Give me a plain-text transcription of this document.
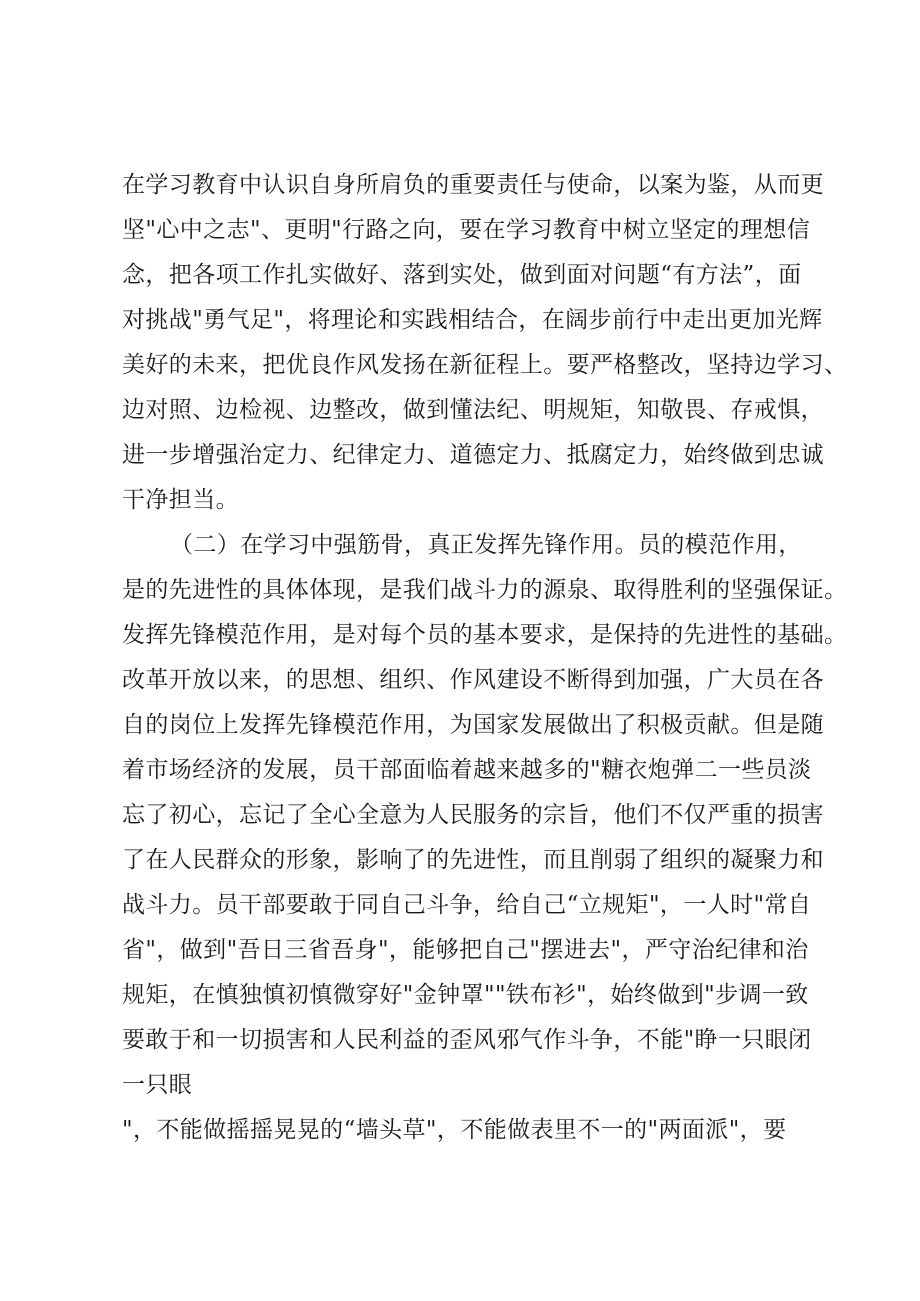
在学习教育中认识自身所肩负的重要责任与使命，以案为鉴，从而更
坚"心中之志"、更明"行路之向，要在学习教育中树立坚定的理想信
念，把各项工作扎实做好、落到实处，做到面对问题“有方法”，面
对挑战"勇气足"，将理论和实践相结合，在阔步前行中走出更加光辉
美好的未来，把优良作风发扬在新征程上。要严格整改，坚持边学习、
边对照、边检视、边整改，做到懂法纪、明规矩，知敬畏、存戒惧，
进一步增强治定力、纪律定力、道德定力、抵腐定力，始终做到忠诚
干净担当。
（二）在学习中强筋骨，真正发挥先锋作用。员的模范作用，
是的先进性的具体体现，是我们战斗力的源泉、取得胜利的坚强保证。
发挥先锋模范作用，是对每个员的基本要求，是保持的先进性的基础。
改革开放以来，的思想、组织、作风建设不断得到加强，广大员在各
自的岗位上发挥先锋模范作用，为国家发展做出了积极贡献。但是随
着市场经济的发展，员干部面临着越来越多的"糖衣炮弹二一些员淡
忘了初心，忘记了全心全意为人民服务的宗旨，他们不仅严重的损害
了在人民群众的形象，影响了的先进性，而且削弱了组织的凝聚力和
战斗力。员干部要敢于同自己斗争，给自己“立规矩"，一人时"常自
省"，做到"吾日三省吾身"，能够把自己"摆进去"，严守治纪律和治
规矩，在慎独慎初慎微穿好"金钟罩""铁布衫"，始终做到"步调一致
要敢于和一切损害和人民利益的歪风邪气作斗争，不能"睁一只眼闭
一只眼
"，不能做摇摇晃晃的“墙头草"，不能做表里不一的"两面派"，要
